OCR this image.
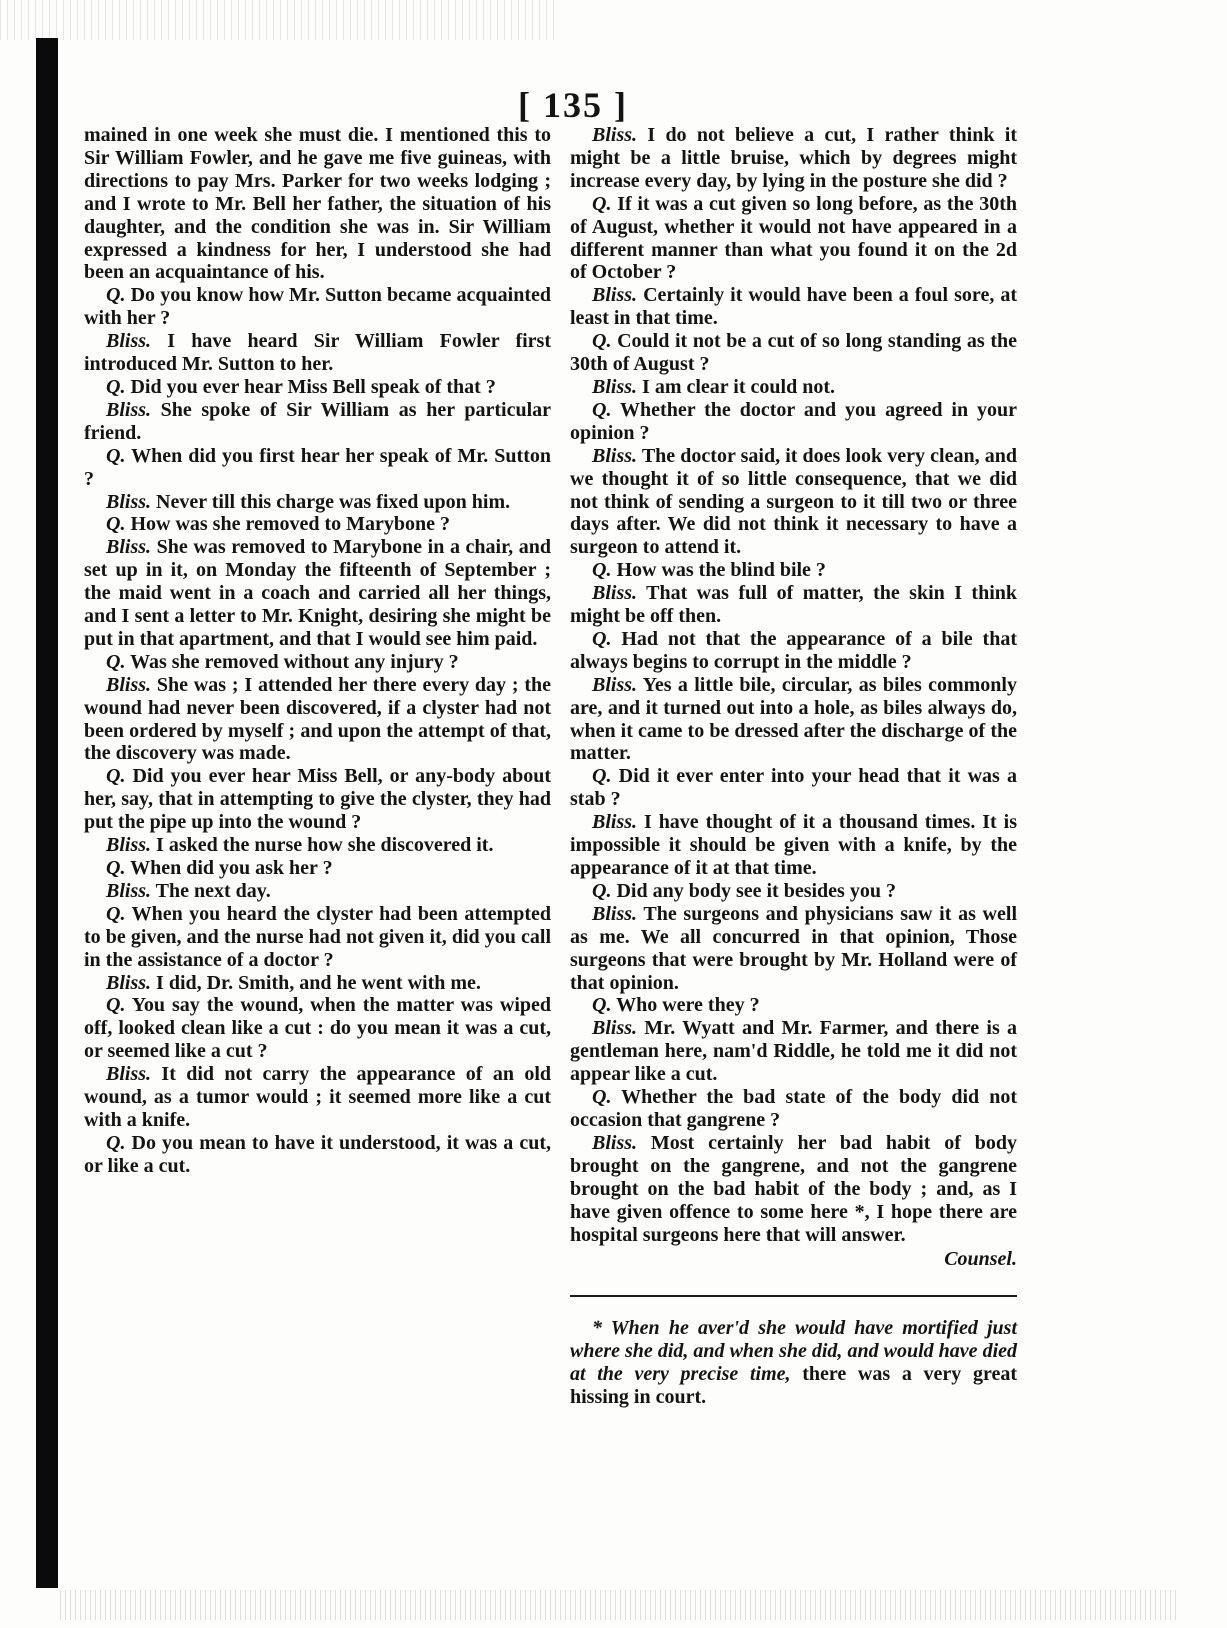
[ 135 ]

mained in one week she must die. I mentioned this to Sir William Fowler, and he gave me five guineas, with directions to pay Mrs. Parker for two weeks lodging ; and I wrote to Mr. Bell her father, the situation of his daughter, and the condition she was in. Sir William expressed a kindness for her, I understood she had been an acquaintance of his.

Q. Do you know how Mr. Sutton became acquainted with her ?

Bliss. I have heard Sir William Fowler first introduced Mr. Sutton to her.

Q. Did you ever hear Miss Bell speak of that ?

Bliss. She spoke of Sir William as her particular friend.

Q. When did you first hear her speak of Mr. Sutton ?

Bliss. Never till this charge was fixed upon him.

Q. How was she removed to Marybone ?

Bliss. She was removed to Marybone in a chair, and set up in it, on Monday the fifteenth of September ; the maid went in a coach and carried all her things, and I sent a letter to Mr. Knight, desiring she might be put in that apartment, and that I would see him paid.

Q. Was she removed without any injury ?

Bliss. She was ; I attended her there every day ; the wound had never been discovered, if a clyster had not been ordered by myself ; and upon the attempt of that, the discovery was made.

Q. Did you ever hear Miss Bell, or any-body about her, say, that in attempting to give the clyster, they had put the pipe up into the wound ?

Bliss. I asked the nurse how she discovered it.

Q. When did you ask her ?

Bliss. The next day.

Q. When you heard the clyster had been attempted to be given, and the nurse had not given it, did you call in the assistance of a doctor ?

Bliss. I did, Dr. Smith, and he went with me.

Q. You say the wound, when the matter was wiped off, looked clean like a cut : do you mean it was a cut, or seemed like a cut ?

Bliss. It did not carry the appearance of an old wound, as a tumor would ; it seemed more like a cut with a knife.

Q. Do you mean to have it understood, it was a cut, or like a cut.

Bliss. I do not believe a cut, I rather think it might be a little bruise, which by degrees might increase every day, by lying in the posture she did ?

Q. If it was a cut given so long before, as the 30th of August, whether it would not have appeared in a different manner than what you found it on the 2d of October ?

Bliss. Certainly it would have been a foul sore, at least in that time.

Q. Could it not be a cut of so long standing as the 30th of August ?

Bliss. I am clear it could not.

Q. Whether the doctor and you agreed in your opinion ?

Bliss. The doctor said, it does look very clean, and we thought it of so little consequence, that we did not think of sending a surgeon to it till two or three days after. We did not think it necessary to have a surgeon to attend it.

Q. How was the blind bile ?

Bliss. That was full of matter, the skin I think might be off then.

Q. Had not that the appearance of a bile that always begins to corrupt in the middle ?

Bliss. Yes a little bile, circular, as biles commonly are, and it turned out into a hole, as biles always do, when it came to be dressed after the discharge of the matter.

Q. Did it ever enter into your head that it was a stab ?

Bliss. I have thought of it a thousand times. It is impossible it should be given with a knife, by the appearance of it at that time.

Q. Did any body see it besides you ?

Bliss. The surgeons and physicians saw it as well as me. We all concurred in that opinion, Those surgeons that were brought by Mr. Holland were of that opinion.

Q. Who were they ?

Bliss. Mr. Wyatt and Mr. Farmer, and there is a gentleman here, nam'd Riddle, he told me it did not appear like a cut.

Q. Whether the bad state of the body did not occasion that gangrene ?

Bliss. Most certainly her bad habit of body brought on the gangrene, and not the gangrene brought on the bad habit of the body ; and, as I have given offence to some here *, I hope there are hospital surgeons here that will answer.

Counsel.

* When he aver'd she would have mortified just where she did, and when she did, and would have died at the very precise time, there was a very great hissing in court.
